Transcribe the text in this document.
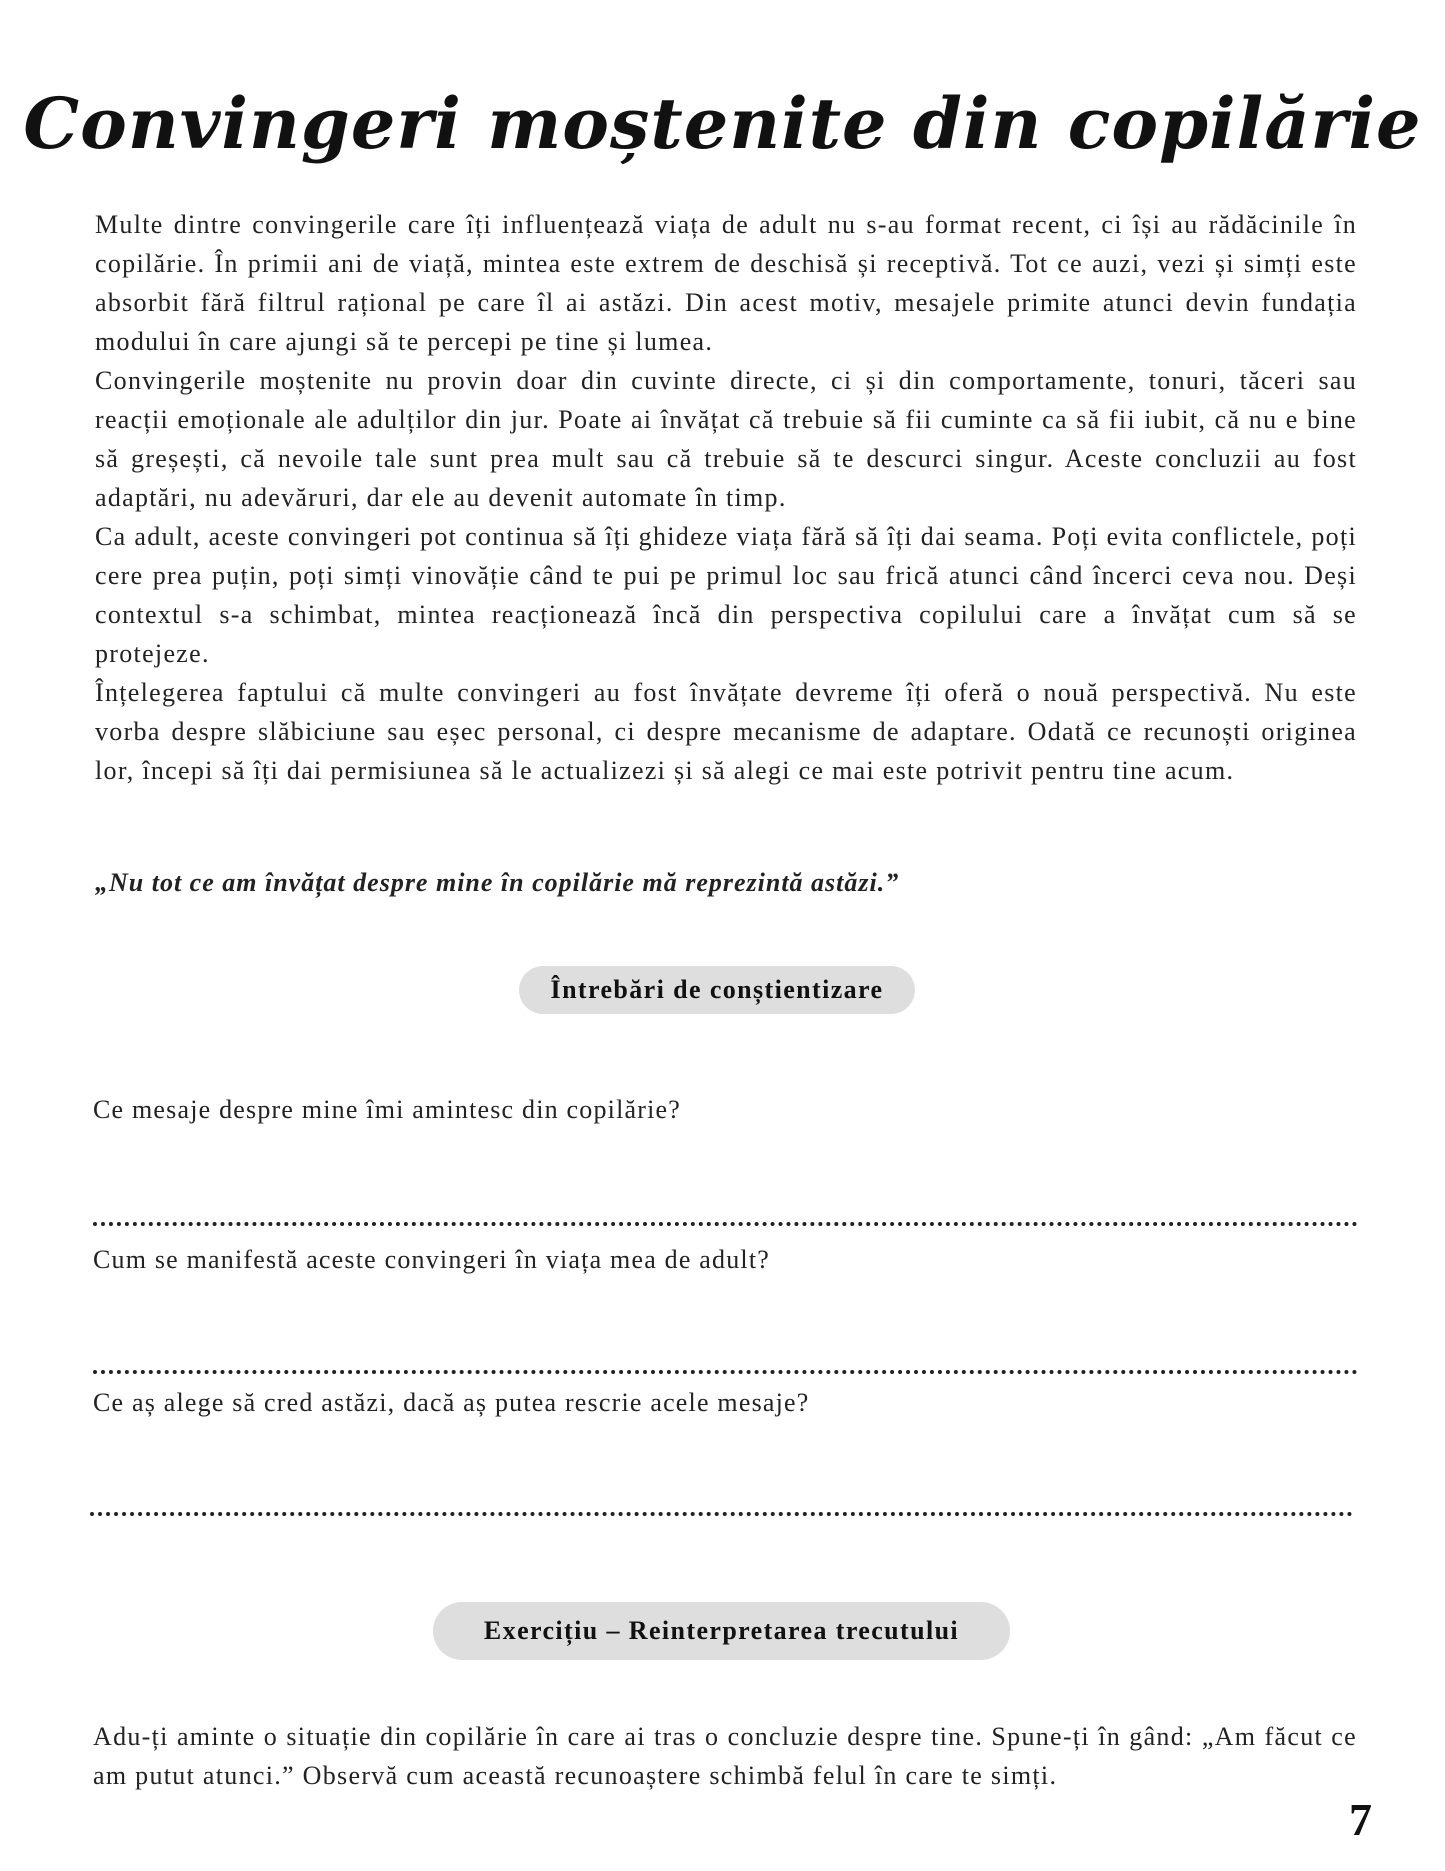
Convingeri moștenite din copilărie

Multe dintre convingerile care îți influențează viața de adult nu s-au format recent, ci își au rădăcinile în copilărie. În primii ani de viață, mintea este extrem de deschisă și receptivă. Tot ce auzi, vezi și simți este absorbit fără filtrul rațional pe care îl ai astăzi. Din acest motiv, mesajele primite atunci devin fundația modului în care ajungi să te percepi pe tine și lumea.

Convingerile moștenite nu provin doar din cuvinte directe, ci și din comportamente, tonuri, tăceri sau reacții emoționale ale adulților din jur. Poate ai învățat că trebuie să fii cuminte ca să fii iubit, că nu e bine să greșești, că nevoile tale sunt prea mult sau că trebuie să te descurci singur. Aceste concluzii au fost adaptări, nu adevăruri, dar ele au devenit automate în timp.

Ca adult, aceste convingeri pot continua să îți ghideze viața fără să îți dai seama. Poți evita conflictele, poți cere prea puțin, poți simți vinovăție când te pui pe primul loc sau frică atunci când încerci ceva nou. Deși contextul s-a schimbat, mintea reacționează încă din perspectiva copilului care a învățat cum să se protejeze.

Înțelegerea faptului că multe convingeri au fost învățate devreme îți oferă o nouă perspectivă. Nu este vorba despre slăbiciune sau eșec personal, ci despre mecanisme de adaptare. Odată ce recunoști originea lor, începi să îți dai permisiunea să le actualizezi și să alegi ce mai este potrivit pentru tine acum.

„Nu tot ce am învățat despre mine în copilărie mă reprezintă astăzi.”
Întrebări de conștientizare
Ce mesaje despre mine îmi amintesc din copilărie?
Cum se manifestă aceste convingeri în viața mea de adult?
Ce aș alege să cred astăzi, dacă aș putea rescrie acele mesaje?
Exercițiu – Reinterpretarea trecutului

Adu-ți aminte o situație din copilărie în care ai tras o concluzie despre tine. Spune-ți în gând: „Am făcut ce am putut atunci.” Observă cum această recunoaștere schimbă felul în care te simți.

7
